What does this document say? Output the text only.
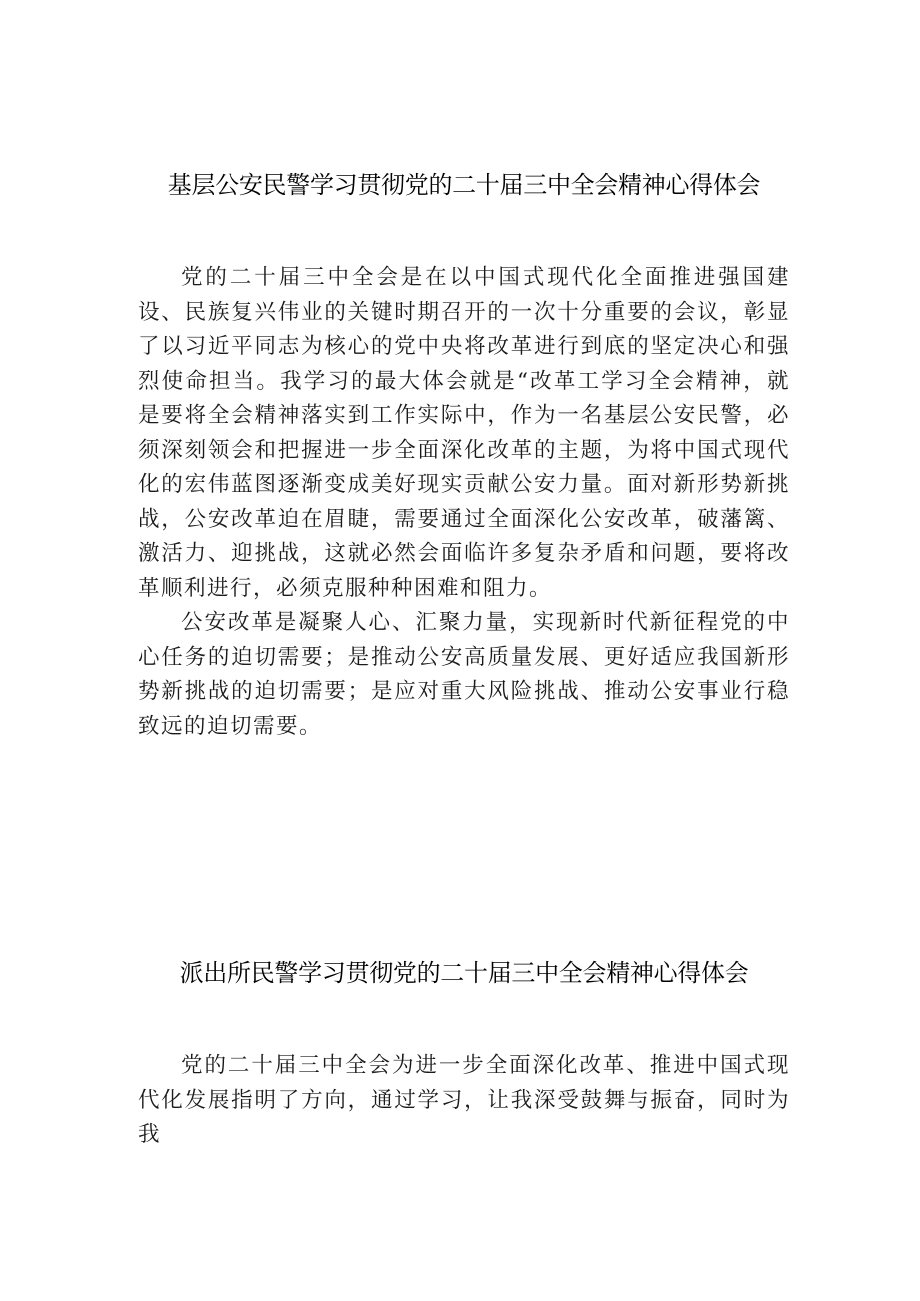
基层公安民警学习贯彻党的二十届三中全会精神心得体会

党的二十届三中全会是在以中国式现代化全面推进强国建设、民族复兴伟业的关键时期召开的一次十分重要的会议，彰显了以习近平同志为核心的党中央将改革进行到底的坚定决心和强烈使命担当。我学习的最大体会就是“改革工学习全会精神，就是要将全会精神落实到工作实际中，作为一名基层公安民警，必须深刻领会和把握进一步全面深化改革的主题，为将中国式现代化的宏伟蓝图逐渐变成美好现实贡献公安力量。面对新形势新挑战，公安改革迫在眉睫，需要通过全面深化公安改革，破藩篱、激活力、迎挑战，这就必然会面临许多复杂矛盾和问题，要将改革顺利进行，必须克服种种困难和阻力。

公安改革是凝聚人心、汇聚力量，实现新时代新征程党的中心任务的迫切需要；是推动公安高质量发展、更好适应我国新形势新挑战的迫切需要；是应对重大风险挑战、推动公安事业行稳致远的迫切需要。

派出所民警学习贯彻党的二十届三中全会精神心得体会

党的二十届三中全会为进一步全面深化改革、推进中国式现代化发展指明了方向，通过学习，让我深受鼓舞与振奋，同时为我
